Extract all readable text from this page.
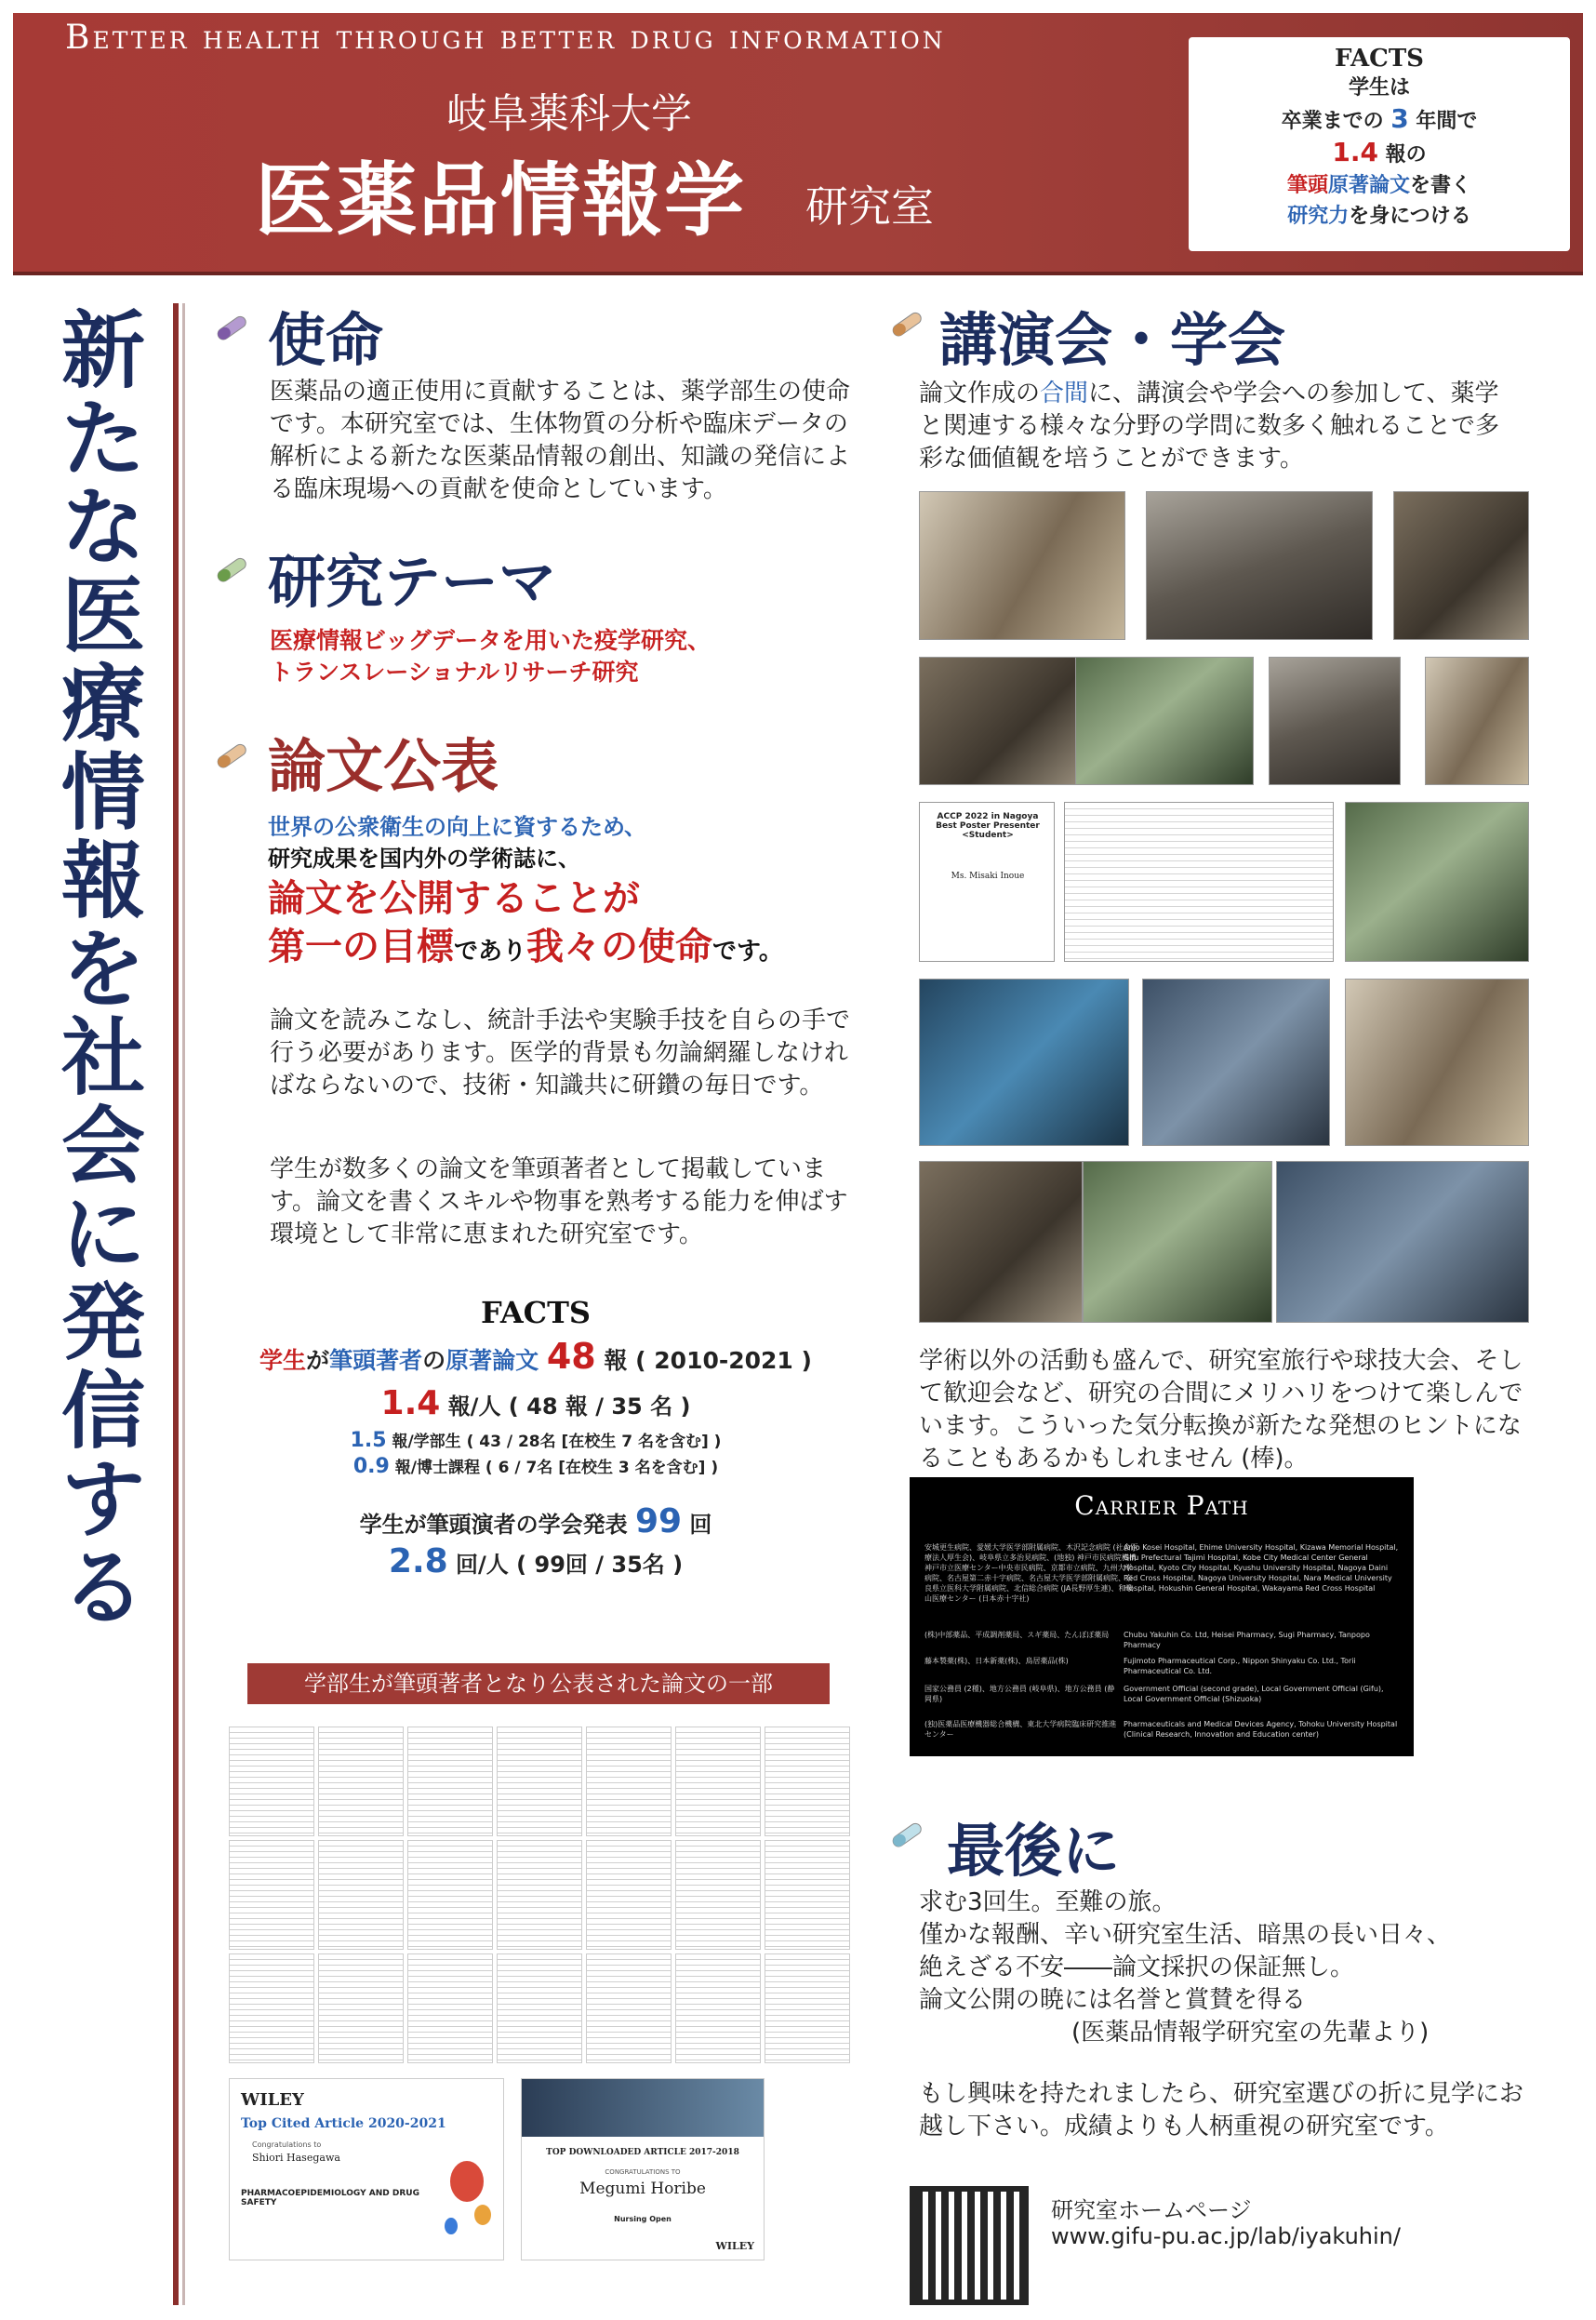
Better health through better drug information
岐阜薬科大学
医薬品情報学 研究室
FACTS
学生は
卒業までの 3 年間で
1.4 報の
筆頭原著論文を書く
研究力を身につける
新
た
な
医
療
情
報
を
社
会
に
発
信
す
る
使命
医薬品の適正使用に貢献することは、薬学部生の使命です。本研究室では、生体物質の分析や臨床データの解析による新たな医薬品情報の創出、知識の発信による臨床現場への貢献を使命としています。
研究テーマ
医療情報ビッグデータを用いた疫学研究、
トランスレーショナルリサーチ研究
論文公表
世界の公衆衛生の向上に資するため、
研究成果を国内外の学術誌に、
論文を公開することが
第一の目標であり我々の使命です。
論文を読みこなし、統計手法や実験手技を自らの手で行う必要があります。医学的背景も勿論網羅しなければならないので、技術・知識共に研鑽の毎日です。
学生が数多くの論文を筆頭著者として掲載しています。論文を書くスキルや物事を熟考する能力を伸ばす環境として非常に恵まれた研究室です。
FACTS
学生が筆頭著者の原著論文 48 報 ( 2010-2021 )
1.4 報/人 ( 48 報 / 35 名 )
1.5 報/学部生 ( 43 / 28名 [在校生 7 名を含む] )
0.9 報/博士課程 ( 6 / 7名 [在校生 3 名を含む] )
学生が筆頭演者の学会発表 99 回
2.8 回/人 ( 99回 / 35名 )
学部生が筆頭著者となり公表された論文の一部
WILEY
Top Cited Article 2020-2021
Congratulations to
Shiori Hasegawa
PHARMACOEPIDEMIOLOGY AND DRUG SAFETY
TOP DOWNLOADED ARTICLE 2017-2018
CONGRATULATIONS TO
Megumi Horibe
Nursing Open
WILEY
講演会・学会
論文作成の合間に、講演会や学会への参加して、薬学と関連する様々な分野の学問に数多く触れることで多彩な価値観を培うことができます。
ACCP 2022 in Nagoya Best Poster Presenter <Student>
Ms. Misaki Inoue
学術以外の活動も盛んで、研究室旅行や球技大会、そして歓迎会など、研究の合間にメリハリをつけて楽しんでいます。こういった気分転換が新たな発想のヒントになることもあるかもしれません (棒)。
Carrier Path
安城更生病院、愛媛大学医学部附属病院、木沢記念病院 (社会医療法人厚生会)、岐阜県立多治見病院、(地独) 神戸市民病院機構 神戸市立医療センター中央市民病院、京都市立病院、九州大学病院、名古屋第二赤十字病院、名古屋大学医学部附属病院、奈良県立医科大学附属病院、北信総合病院 (JA長野厚生連)、和歌山医療センター (日本赤十字社)
Anjo Kosei Hospital, Ehime University Hospital, Kizawa Memorial Hospital, Gifu Prefectural Tajimi Hospital, Kobe City Medical Center General Hospital, Kyoto City Hospital, Kyushu University Hospital, Nagoya Daini Red Cross Hospital, Nagoya University Hospital, Nara Medical University Hospital, Hokushin General Hospital, Wakayama Red Cross Hospital
(株)中部薬品、平成調剤薬局、スギ薬局、たんぽぽ薬局	Chubu Yakuhin Co. Ltd, Heisei Pharmacy, Sugi Pharmacy, Tanpopo Pharmacy
藤本製薬(株)、日本新薬(株)、鳥居薬品(株)	Fujimoto Pharmaceutical Corp., Nippon Shinyaku Co. Ltd., Torii Pharmaceutical Co. Ltd.
国家公務員 (2種)、地方公務員 (岐阜県)、地方公務員 (静岡県)
Government Official (second grade), Local Government Official (Gifu), Local Government Official (Shizuoka)
(独)医薬品医療機器総合機構、東北大学病院臨床研究推進センター
Pharmaceuticals and Medical Devices Agency, Tohoku University Hospital (Clinical Research, Innovation and Education center)
最後に
求む3回生。至難の旅。
僅かな報酬、辛い研究室生活、暗黒の長い日々、
絶えざる不安――論文採択の保証無し。
論文公開の暁には名誉と賞賛を得る
(医薬品情報学研究室の先輩より)
もし興味を持たれましたら、研究室選びの折に見学にお越し下さい。成績よりも人柄重視の研究室です。
研究室ホームページ
www.gifu-pu.ac.jp/lab/iyakuhin/
